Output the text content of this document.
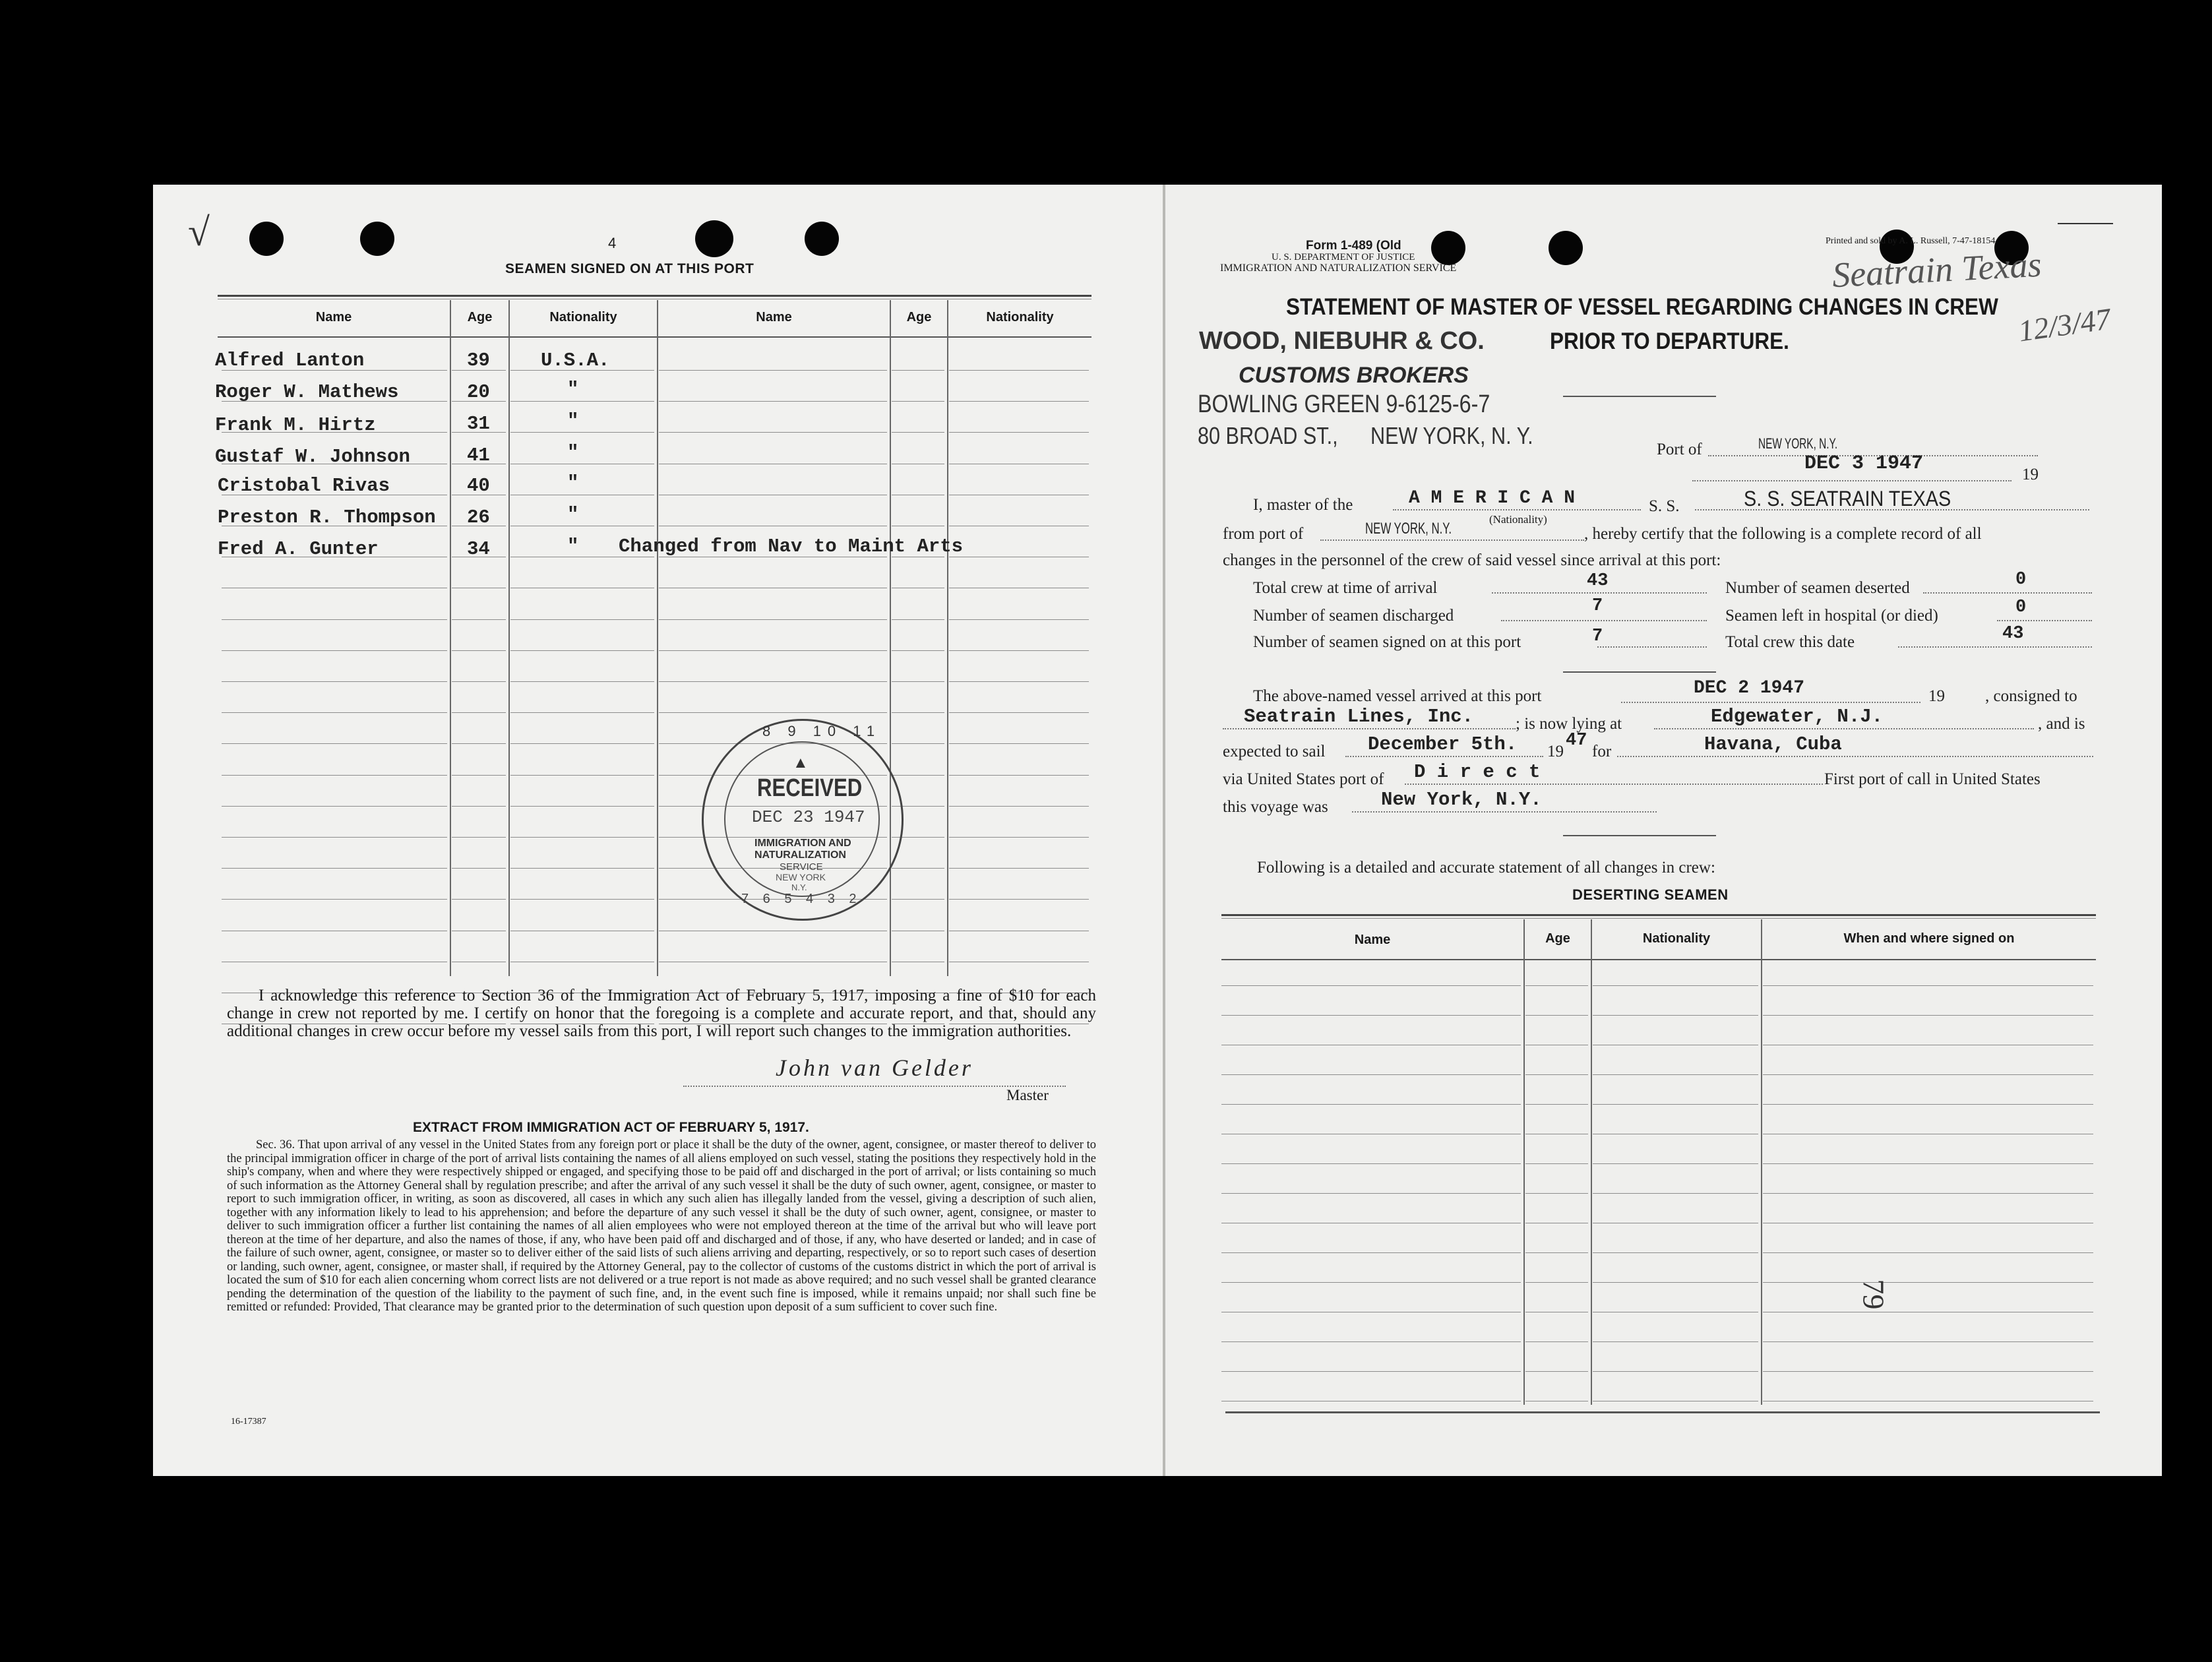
√	4
SEAMEN SIGNED ON AT THIS PORT
Name	Age	Nationality	Name	Age	Nationality
Alfred Lanton	39	U.S.A.
Roger W. Mathews	20	"
Frank M. Hirtz	31	"
Gustaf W. Johnson	41	"
Cristobal Rivas	40	"
Preston R. Thompson 26	"
Fred A. Gunter	34	" Changed from Nav to Maint Arts
8 9 10 11
7 6 5 4 3 2
▲
RECEIVED
DEC 23 1947
IMMIGRATION AND
NATURALIZATION
SERVICE
NEW YORK
N.Y.
I acknowledge this reference to Section 36 of the Immigration Act of February 5, 1917, imposing a fine of $10 for each change in crew not reported by me. I certify on honor that the foregoing is a complete and accurate report, and that, should any additional changes in crew occur before my vessel sails from this port, I will report such changes to the immigration authorities.
John van Gelder
Master
EXTRACT FROM IMMIGRATION ACT OF FEBRUARY 5, 1917.
Sec. 36. That upon arrival of any vessel in the United States from any foreign port or place it shall be the duty of the owner, agent, consignee, or master thereof to deliver to the principal immigration officer in charge of the port of arrival lists containing the names of all aliens employed on such vessel, stating the positions they respectively hold in the ship's company, when and where they were respectively shipped or engaged, and specifying those to be paid off and discharged in the port of arrival; or lists containing so much of such information as the Attorney General shall by regulation prescribe; and after the arrival of any such vessel it shall be the duty of such owner, agent, consignee, or master to report to such immigration officer, in writing, as soon as discovered, all cases in which any such alien has illegally landed from the vessel, giving a description of such alien, together with any information likely to lead to his apprehension; and before the departure of any such vessel it shall be the duty of such owner, agent, consignee, or master to deliver to such immigration officer a further list containing the names of all alien employees who were not employed thereon at the time of the arrival but who will leave port thereon at the time of her departure, and also the names of those, if any, who have been paid off and discharged and of those, if any, who have deserted or landed; and in case of the failure of such owner, agent, consignee, or master so to deliver either of the said lists of such aliens arriving and departing, respectively, or so to report such cases of desertion or landing, such owner, agent, consignee, or master shall, if required by the Attorney General, pay to the collector of customs of the customs district in which the port of arrival is located the sum of $10 for each alien concerning whom correct lists are not delivered or a true report is not made as above required; and no such vessel shall be granted clearance pending the determination of the question of the liability to the payment of such fine, and, in the event such fine is imposed, while it remains unpaid; nor shall such fine be remitted or refunded: Provided, That clearance may be granted prior to the determination of such question upon deposit of a sum sufficient to cover such fine.
16-17387
Form 1-489 (Old
U. S. DEPARTMENT OF JUSTICE
IMMIGRATION AND NATURALIZATION SERVICE
Printed and sold by A. L. Russell, 7-47-18154
Seatrain Texas
12/3/47
STATEMENT OF MASTER OF VESSEL REGARDING CHANGES IN CREW
PRIOR TO DEPARTURE.
WOOD, NIEBUHR & CO.
CUSTOMS BROKERS
BOWLING GREEN 9-6125-6-7
80 BROAD ST., NEW YORK, N. Y.
Port of	NEW YORK, N.Y.
DEC 3 1947	19
I, master of the	A M E R I C A N	S. S.	S. S. SEATRAIN TEXAS
from port of	NEW YORK, N.Y.
(Nationality)
, hereby certify that the following is a complete record of all
changes in the personnel of the crew of said vessel since arrival at this port:
Total crew at time of arrival	43
Number of seamen discharged	7
Number of seamen signed on at this port	7
Number of seamen deserted	0
Seamen left in hospital (or died)	0
Total crew this date	43
The above-named vessel arrived at this port	DEC 2 1947	19 , consigned to
Seatrain Lines, Inc.	; is now lying at	Edgewater, N.J.	, and is
expected to sail December 5th. 19
47
for	Havana, Cuba
via United States port of D i r e c t	First port of call in United States
this voyage was	New York, N.Y.
Following is a detailed and accurate statement of all changes in crew:
DESERTING SEAMEN
Name	Age	Nationality	When and where signed on
79
